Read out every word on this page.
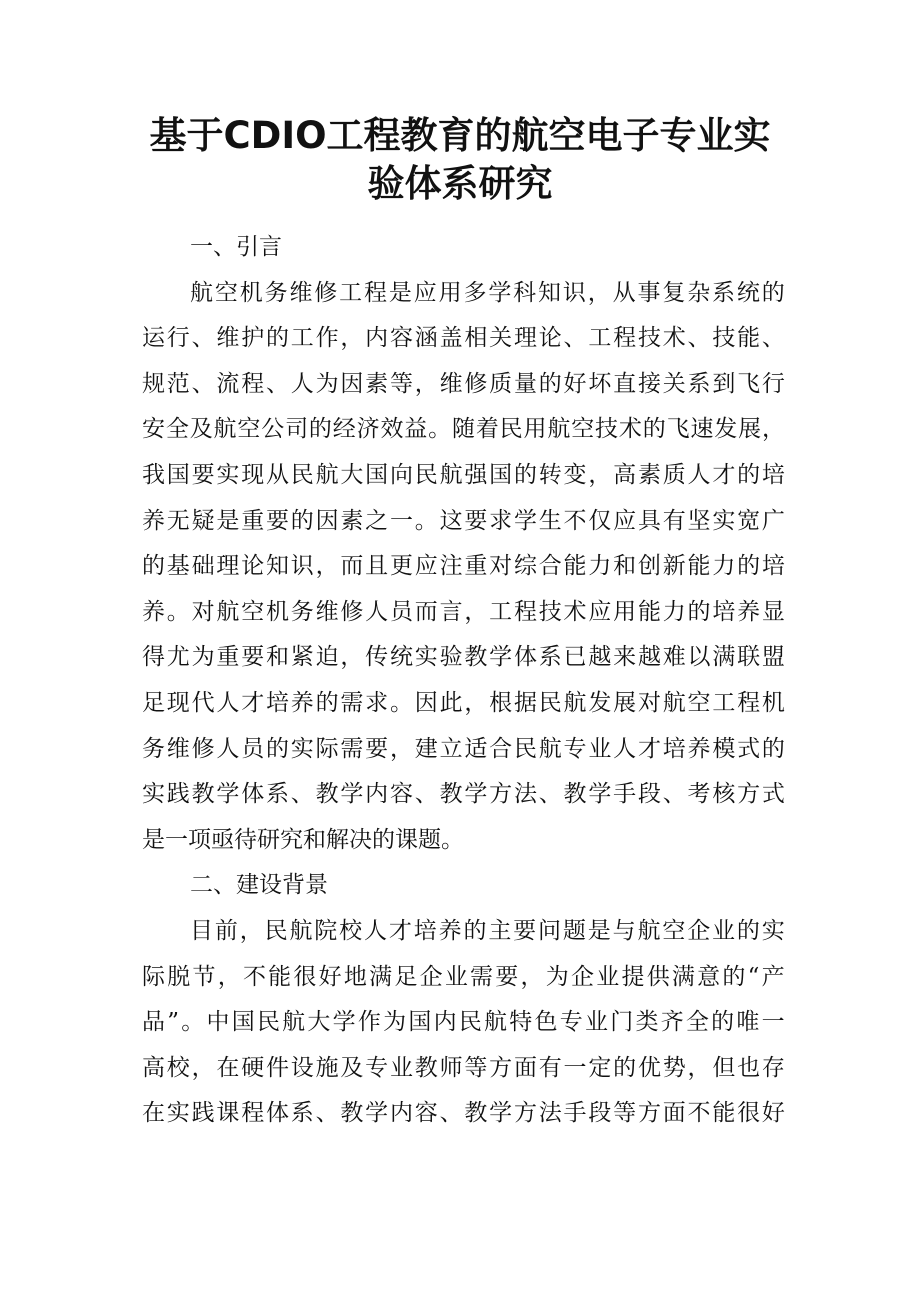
基于CDIO工程教育的航空电子专业实
验体系研究
一、引言
航 空 机 务 维 修 工 程 是 应 用 多 学 科 知 识 ， 从 事 复 杂 系 统 的
运 行 、 维 护 的 工 作 ， 内 容 涵 盖 相 关 理 论 、 工 程 技 术 、 技 能 、
规 范 、 流 程 、 人 为 因 素 等 ， 维 修 质 量 的 好 坏 直 接 关 系 到 飞 行
安 全 及 航 空 公 司 的 经 济 效 益 。 随 着 民 用 航 空 技 术 的 飞 速 发 展 ，
我 国 要 实 现 从 民 航 大 国 向 民 航 强 国 的 转 变 ， 高 素 质 人 才 的 培
养 无 疑 是 重 要 的 因 素 之 一 。 这 要 求 学 生 不 仅 应 具 有 坚 实 宽 广
的 基 础 理 论 知 识 ， 而 且 更 应 注 重 对 综 合 能 力 和 创 新 能 力 的 培
养 。 对 航 空 机 务 维 修 人 员 而 言 ， 工 程 技 术 应 用 能 力 的 培 养 显
得 尤 为 重 要 和 紧 迫 ， 传 统 实 验 教 学 体 系 已 越 来 越 难 以 满 联 盟
足 现 代 人 才 培 养 的 需 求 。 因 此 ， 根 据 民 航 发 展 对 航 空 工 程 机
务 维 修 人 员 的 实 际 需 要 ， 建 立 适 合 民 航 专 业 人 才 培 养 模 式 的
实 践 教 学 体 系 、 教 学 内 容 、 教 学 方 法 、 教 学 手 段 、 考 核 方 式
是一项亟待研究和解决的课题。
二、建设背景
目 前 ， 民 航 院 校 人 才 培 养 的 主 要 问 题 是 与 航 空 企 业 的 实
际 脱 节 ， 不 能 很 好 地 满 足 企 业 需 要 ， 为 企 业 提 供 满 意 的 “ 产
品 ” 。 中 国 民 航 大 学 作 为 国 内 民 航 特 色 专 业 门 类 齐 全 的 唯 一
高 校 ， 在 硬 件 设 施 及 专 业 教 师 等 方 面 有 一 定 的 优 势 ， 但 也 存
在 实 践 课 程 体 系 、 教 学 内 容 、 教 学 方 法 手 段 等 方 面 不 能 很 好
